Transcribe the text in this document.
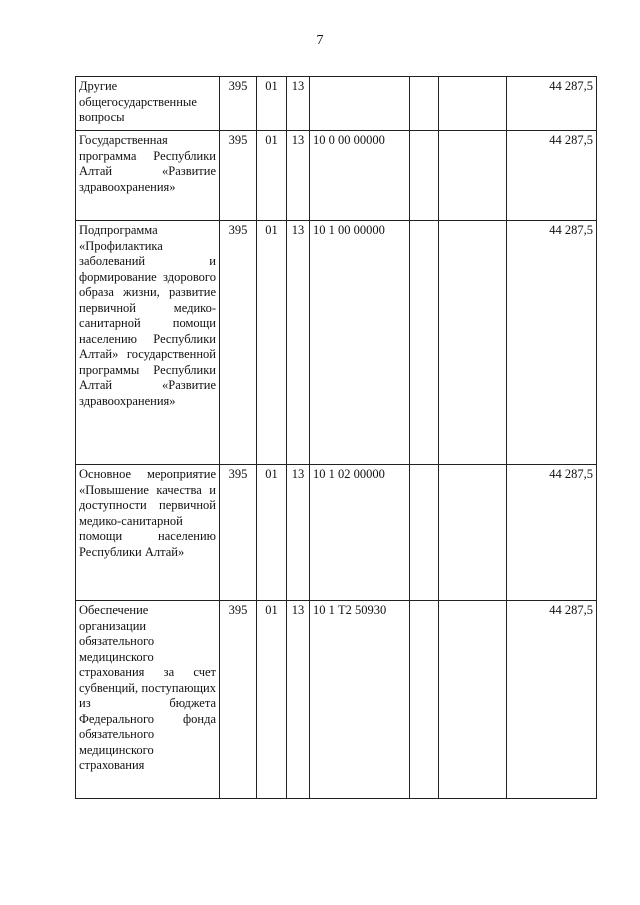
7
Другие общегосударственные вопросы	395	01	13				44 287,5
Государственная программа Республики Алтай «Развитие здравоохранения»	395	01	13	10 0 00 00000			44 287,5
Подпрограмма «Профилактика заболеваний и формирование здорового образа жизни, развитие первичной медико-санитарной помощи населению Республики Алтай» государственной программы Республики Алтай «Развитие здравоохранения»	395	01	13	10 1 00 00000			44 287,5
Основное мероприятие «Повышение качества и доступности первичной медико-санитарной помощи населению Республики Алтай»	395	01	13	10 1 02 00000			44 287,5
Обеспечение организации обязательного медицинского страхования за счет субвенций, поступающих из бюджета Федерального фонда обязательного медицинского страхования	395	01	13	10 1 Т2 50930			44 287,5
